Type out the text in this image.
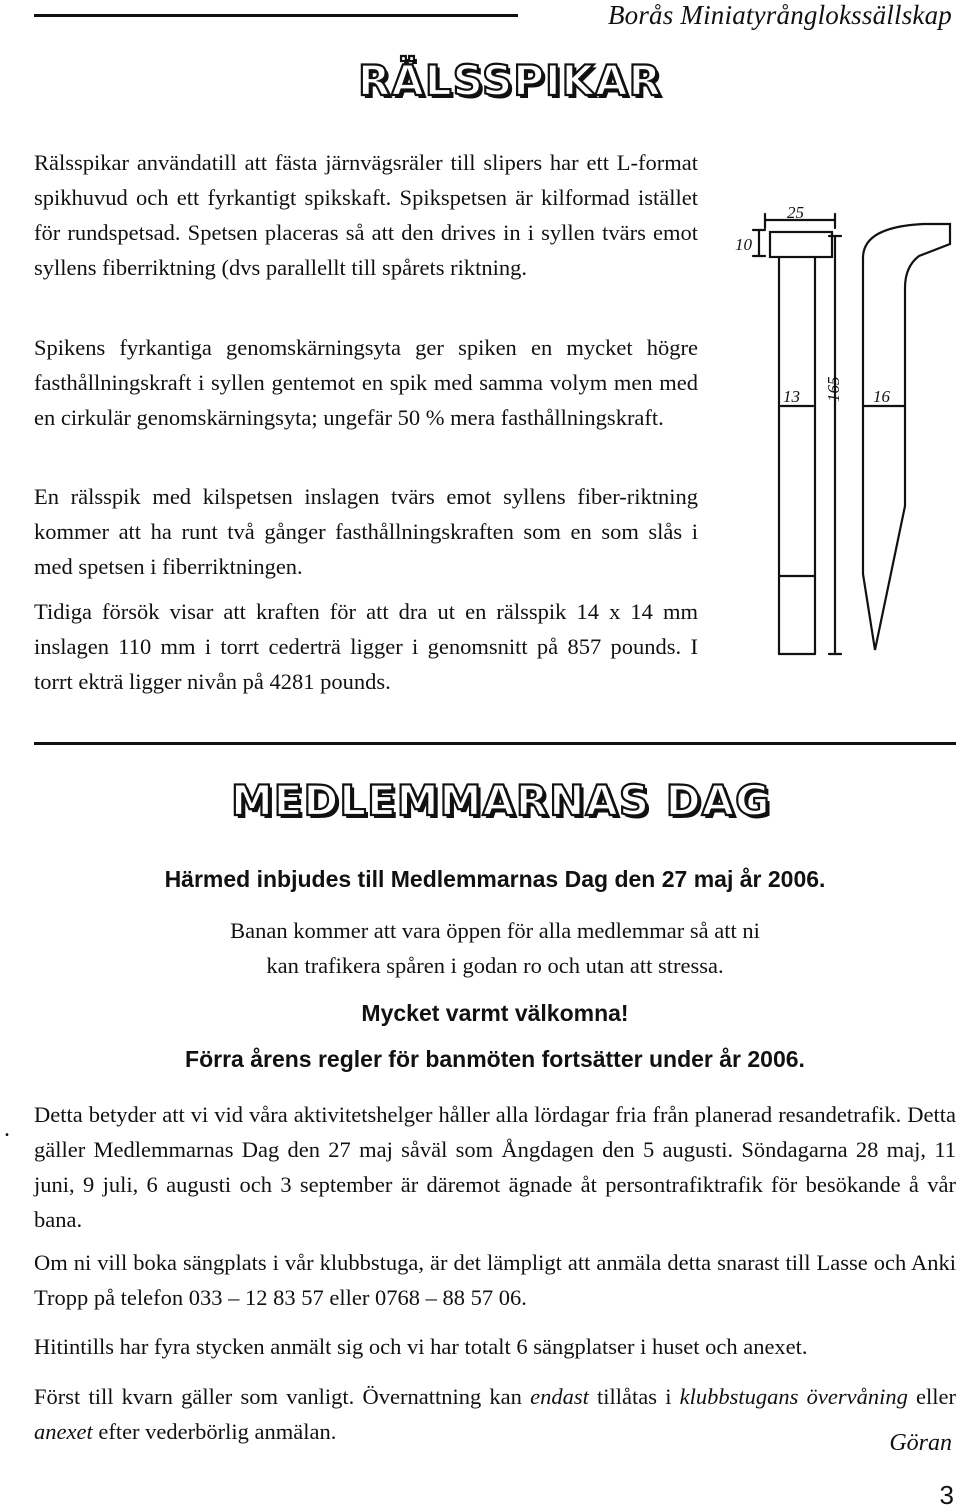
Borås Miniatyrånglokssällskap
RÄLSSPIKAR
Rälsspikar användatill att fästa järnvägsräler till slipers har ett L-format spikhuvud och ett fyrkantigt spikskaft. Spikspetsen är kilformad istället för rundspetsad. Spetsen placeras så att den drives in i syllen tvärs emot syllens fiberriktning (dvs parallellt till spårets riktning.
Spikens fyrkantiga genomskärningsyta ger spiken en mycket högre fasthållningskraft i syllen gentemot en spik med samma volym men med en cirkulär genomskärningsyta; ungefär 50 % mera fasthållningskraft.
En rälsspik med kilspetsen inslagen tvärs emot syllens fiber-riktning kommer att ha runt två gånger fasthållningskraften som en som slås i med spetsen i fiberriktningen.
Tidiga försök visar att kraften för att dra ut en rälsspik 14 x 14 mm inslagen 110 mm i torrt cederträ ligger i genomsnitt på 857 pounds. I torrt ekträ ligger nivån på 4281 pounds.
25
10
13 165 16
MEDLEMMARNAS DAG
Härmed inbjudes till Medlemmarnas Dag den 27 maj år 2006.
Banan kommer att vara öppen för alla medlemmar så att ni
kan trafikera spåren i godan ro och utan att stressa.
Mycket varmt välkomna!
Förra årens regler för banmöten fortsätter under år 2006.
.
Detta betyder att vi vid våra aktivitetshelger håller alla lördagar fria från planerad resandetrafik. Detta gäller Medlemmarnas Dag den 27 maj såväl som Ångdagen den 5 augusti. Söndagarna 28 maj, 11 juni, 9 juli, 6 augusti och 3 september är däremot ägnade åt persontrafiktrafik för besökande å vår bana.
Om ni vill boka sängplats i vår klubbstuga, är det lämpligt att anmäla detta snarast till Lasse och Anki Tropp på telefon 033 – 12 83 57 eller 0768 – 88 57 06.
Hitintills har fyra stycken anmält sig och vi har totalt 6 sängplatser i huset och anexet.
Först till kvarn gäller som vanligt. Övernattning kan endast tillåtas i klubbstugans övervåning eller anexet efter vederbörlig anmälan.	Göran
3
